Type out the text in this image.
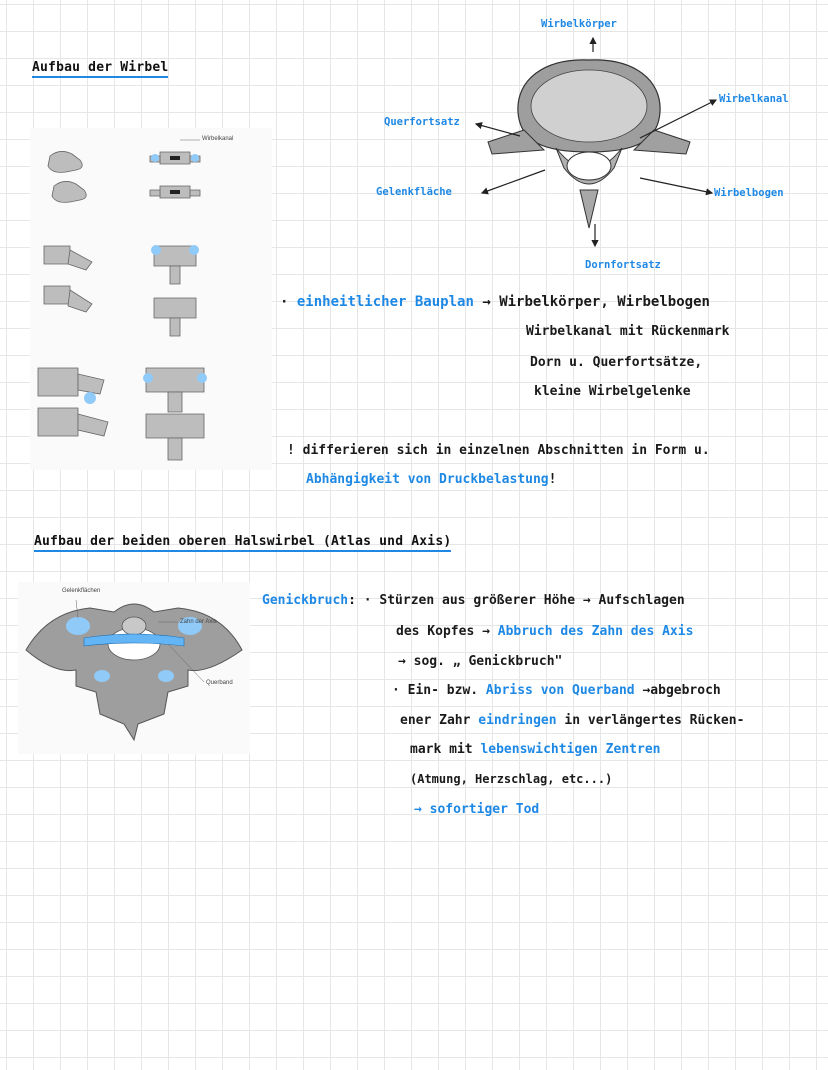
Aufbau der Wirbel
Wirbelkanal
Wirbelkörper
Wirbelkanal
Querfortsatz
Gelenkfläche	Wirbelbogen
Dornfortsatz
· einheitlicher Bauplan → Wirbelkörper, Wirbelbogen
Wirbelkanal mit Rückenmark
Dorn u. Querfortsätze,
kleine Wirbelgelenke
! differieren sich in einzelnen Abschnitten in Form u.
Abhängigkeit von Druckbelastung!
Aufbau der beiden oberen Halswirbel (Atlas und Axis)
Gelenkflächen
Zahn der Axis
Querband
Genickbruch: · Stürzen aus größerer Höhe → Aufschlagen
des Kopfes → Abbruch des Zahn des Axis
→ sog. „ Genickbruch"
· Ein- bzw. Abriss von Querband →abgebroch
ener Zahr eindringen in verlängertes Rücken-
mark mit lebenswichtigen Zentren
(Atmung, Herzschlag, etc...)
→ sofortiger Tod
